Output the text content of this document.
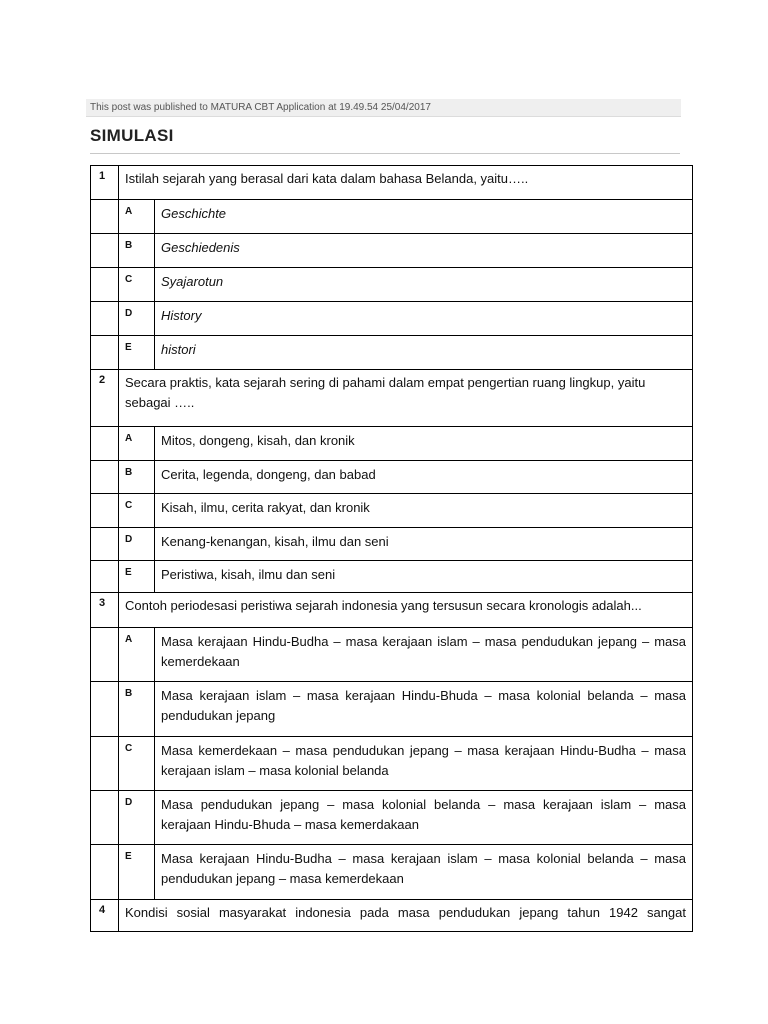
This post was published to MATURA CBT Application at 19.49.54 25/04/2017
SIMULASI
1	Istilah sejarah yang berasal dari kata dalam bahasa Belanda, yaitu…..	
	A	Geschichte
	B	Geschiedenis
	C	Syajarotun
	D	History
	E	histori
2	Secara praktis, kata sejarah sering di pahami dalam empat pengertian ruang lingkup, yaitu sebagai …..	
	A	Mitos, dongeng, kisah, dan kronik
	B	Cerita, legenda, dongeng, dan babad
	C	Kisah, ilmu, cerita rakyat, dan kronik
	D	Kenang-kenangan, kisah, ilmu dan seni
	E	Peristiwa, kisah, ilmu dan seni
3	Contoh periodesasi peristiwa sejarah indonesia yang tersusun secara kronologis adalah...	
	A	Masa kerajaan Hindu-Budha – masa kerajaan islam – masa pendudukan jepang – masa kemerdekaan
	B	Masa kerajaan islam – masa kerajaan Hindu-Bhuda – masa kolonial belanda – masa pendudukan jepang
	C	Masa kemerdekaan – masa pendudukan jepang – masa kerajaan Hindu-Budha – masa kerajaan islam – masa kolonial belanda
	D	Masa pendudukan jepang – masa kolonial belanda – masa kerajaan islam – masa kerajaan Hindu-Bhuda – masa kemerdakaan
	E	Masa kerajaan Hindu-Budha – masa kerajaan islam – masa kolonial belanda – masa pendudukan jepang – masa kemerdekaan
4	Kondisi sosial masyarakat indonesia pada masa pendudukan jepang tahun 1942 sangat	
